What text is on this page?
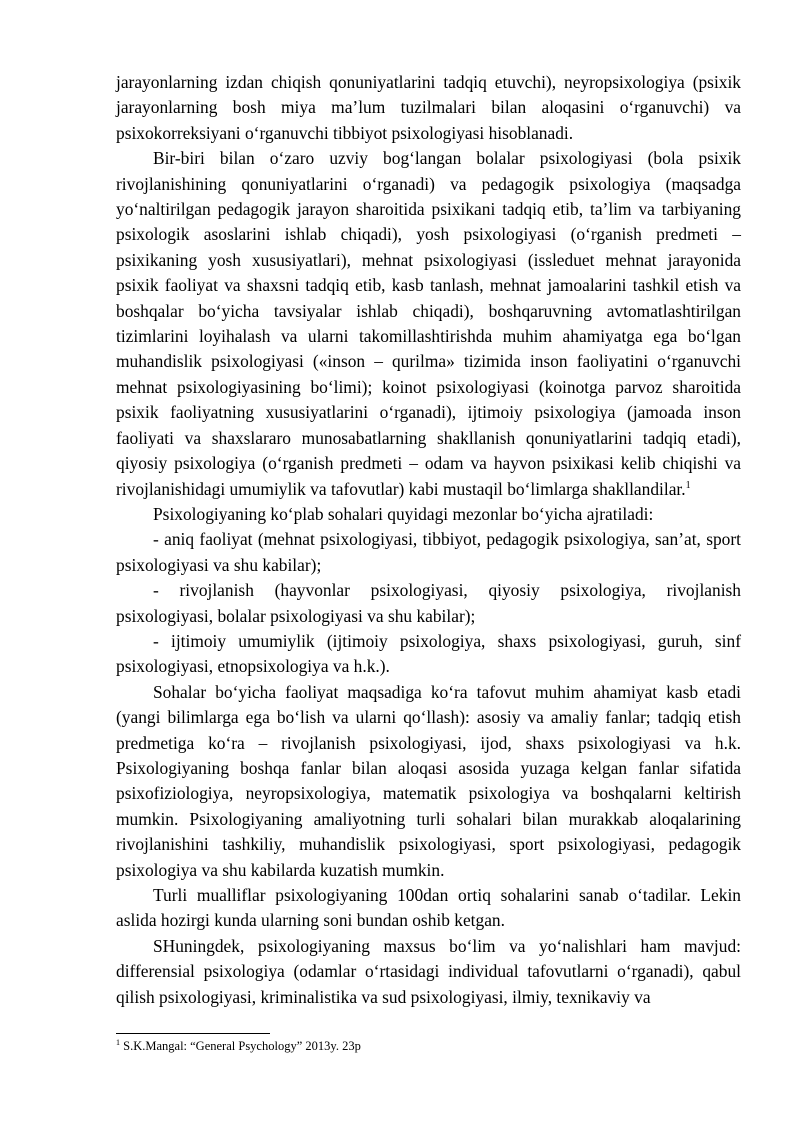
jarayonlarning izdan chiqish qonuniyatlarini tadqiq etuvchi), neyropsixologiya (psixik jarayonlarning bosh miya maʼlum tuzilmalari bilan aloqasini oʻrganuvchi) va psixokorreksiyani oʻrganuvchi tibbiyot psixologiyasi hisoblanadi.

Bir-biri bilan oʻzaro uzviy bogʻlangan bolalar psixologiyasi (bola psixik rivojlanishining qonuniyatlarini oʻrganadi) va pedagogik psixologiya (maqsadga yoʻnaltirilgan pedagogik jarayon sharoitida psixikani tadqiq etib, taʼlim va tarbiyaning psixologik asoslarini ishlab chiqadi), yosh psixologiyasi (oʻrganish predmeti – psixikaning yosh xususiyatlari), mehnat psixologiyasi (issleduet mehnat jarayonida psixik faoliyat va shaxsni tadqiq etib, kasb tanlash, mehnat jamoalarini tashkil etish va boshqalar boʻyicha tavsiyalar ishlab chiqadi), boshqaruvning avtomatlashtirilgan tizimlarini loyihalash va ularni takomillashtirishda muhim ahamiyatga ega boʻlgan muhandislik psixologiyasi («inson – qurilma» tizimida inson faoliyatini oʻrganuvchi mehnat psixologiyasining boʻlimi); koinot psixologiyasi (koinotga parvoz sharoitida psixik faoliyatning xususiyatlarini oʻrganadi), ijtimoiy psixologiya (jamoada inson faoliyati va shaxslararo munosabatlarning shakllanish qonuniyatlarini tadqiq etadi), qiyosiy psixologiya (oʻrganish predmeti – odam va hayvon psixikasi kelib chiqishi va rivojlanishidagi umumiylik va tafovutlar) kabi mustaqil boʻlimlarga shakllandilar.$^1$

Psixologiyaning koʻplab sohalari quyidagi mezonlar boʻyicha ajratiladi:

- aniq faoliyat (mehnat psixologiyasi, tibbiyot, pedagogik psixologiya, sanʼat, sport psixologiyasi va shu kabilar);

- rivojlanish (hayvonlar psixologiyasi, qiyosiy psixologiya, rivojlanish psixologiyasi, bolalar psixologiyasi va shu kabilar);

- ijtimoiy umumiylik (ijtimoiy psixologiya, shaxs psixologiyasi, guruh, sinf psixologiyasi, etnopsixologiya va h.k.).

Sohalar boʻyicha faoliyat maqsadiga koʻra tafovut muhim ahamiyat kasb etadi (yangi bilimlarga ega boʻlish va ularni qoʻllash): asosiy va amaliy fanlar; tadqiq etish predmetiga koʻra – rivojlanish psixologiyasi, ijod, shaxs psixologiyasi va h.k. Psixologiyaning boshqa fanlar bilan aloqasi asosida yuzaga kelgan fanlar sifatida psixofiziologiya, neyropsixologiya, matematik psixologiya va boshqalarni keltirish mumkin. Psixologiyaning amaliyotning turli sohalari bilan murakkab aloqalarining rivojlanishini tashkiliy, muhandislik psixologiyasi, sport psixologiyasi, pedagogik psixologiya va shu kabilarda kuzatish mumkin.

Turli mualliflar psixologiyaning 100dan ortiq sohalarini sanab oʻtadilar. Lekin aslida hozirgi kunda ularning soni bundan oshib ketgan.

SHuningdek, psixologiyaning maxsus boʻlim va yoʻnalishlari ham mavjud: differensial psixologiya (odamlar oʻrtasidagi individual tafovutlarni oʻrganadi), qabul qilish psixologiyasi, kriminalistika va sud psixologiyasi, ilmiy, texnikaviy va

$^1$ S.K.Mangal: “General Psychology” 2013y. 23p
